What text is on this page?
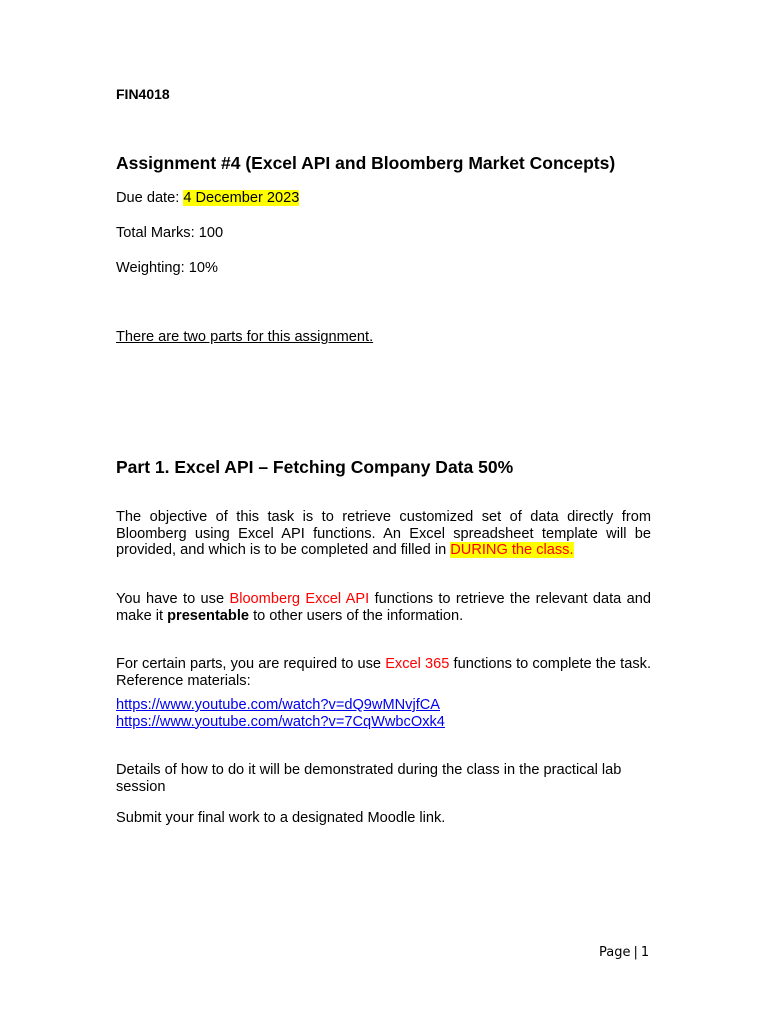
FIN4018
Assignment #4 (Excel API and Bloomberg Market Concepts)
Due date: 4 December 2023
Total Marks: 100
Weighting: 10%
There are two parts for this assignment.
Part 1. Excel API – Fetching Company Data 50%
The objective of this task is to retrieve customized set of data directly from Bloomberg using Excel API functions. An Excel spreadsheet template will be provided, and which is to be completed and filled in DURING the class.
You have to use Bloomberg Excel API functions to retrieve the relevant data and make it presentable to other users of the information.
For certain parts, you are required to use Excel 365 functions to complete the task. Reference materials:
https://www.youtube.com/watch?v=dQ9wMNvjfCA
https://www.youtube.com/watch?v=7CqWwbcOxk4
Details of how to do it will be demonstrated during the class in the practical lab session
Submit your final work to a designated Moodle link.
Page | 1
